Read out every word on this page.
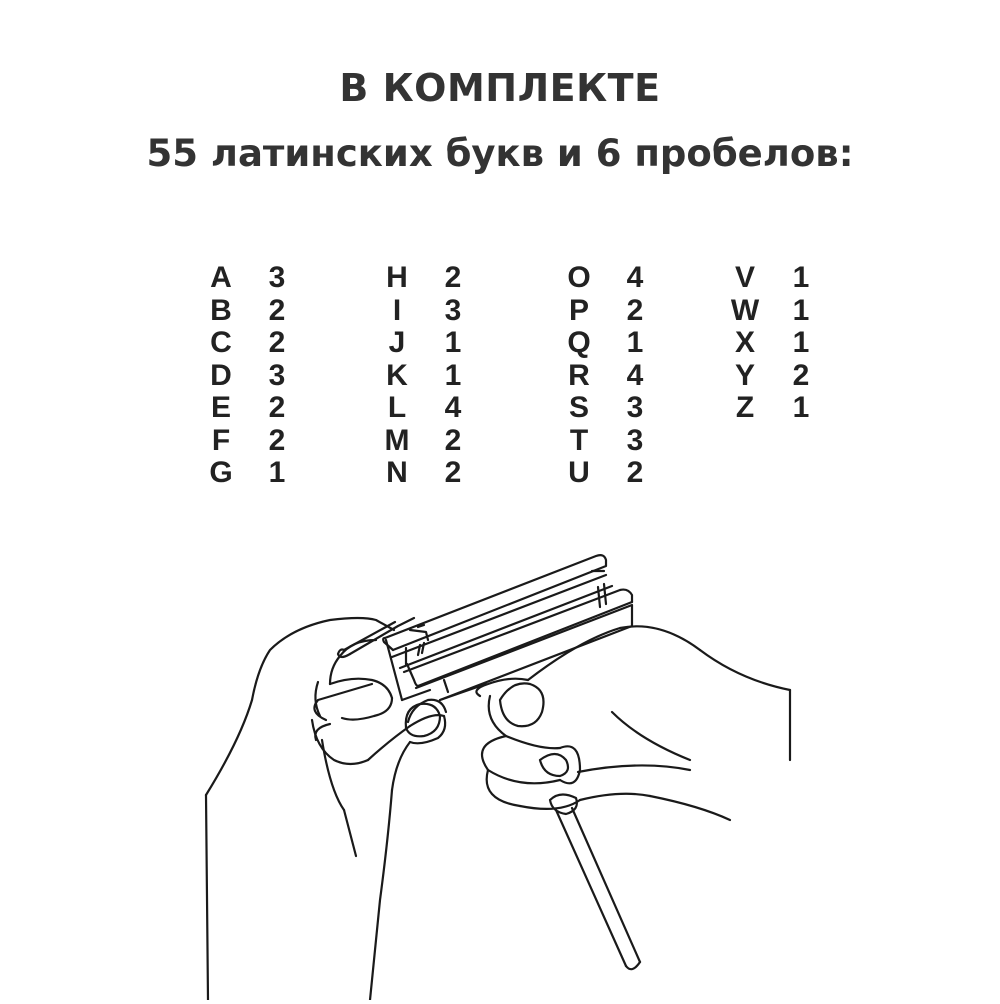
В КОМПЛЕКТЕ
55 латинских букв и 6 пробелов:
A 3
B 2
C 2
D 3
E 2
F 2
G 1
H 2
I	3
J 1
K 1
L 4
M 2
N 2
O 4
P 2
Q 1
R 4
S 3
T 3
U 2
V 1
W 1
X 1
Y 2
Z 1
